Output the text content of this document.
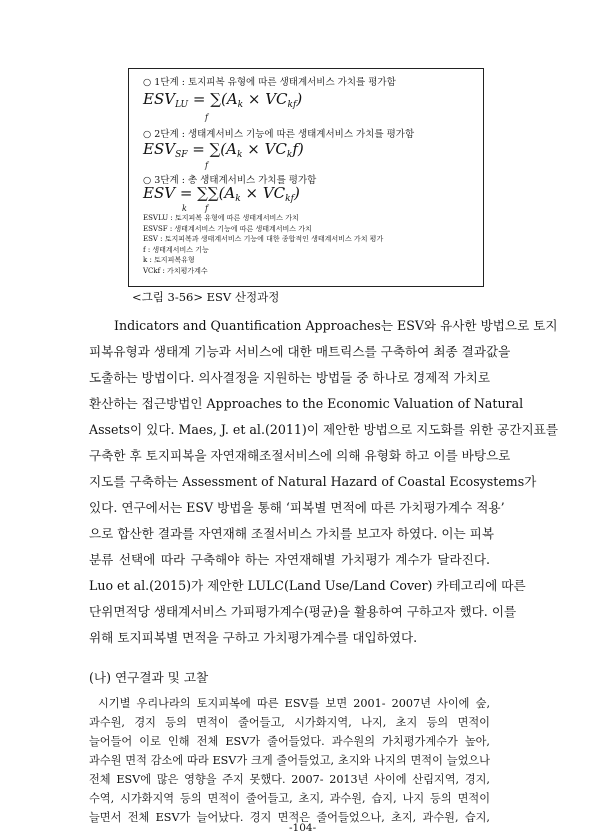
○ 1단계 : 토지피복 유형에 따른 생태계서비스 가치를 평가함
$ESV_{LU} = \sum(A_k \times VC_{kf})$
f
○ 2단계 : 생태계서비스 기능에 따른 생태계서비스 가치를 평가함
$ESV_{SF} = \sum(A_k \times VC_kf)$
f
○ 3단계 : 총 생태계서비스 가치를 평가함
ESV = $\sum\sum(A_k \times VC_{kf})$
k f
ESVLU : 토지피복 유형에 따른 생태계서비스 가치
ESVSF : 생태계서비스 기능에 따른 생태계서비스 가치
ESV : 토지피복과 생태계서비스 기능에 대한 종합적인 생태계서비스 가치 평가
f : 생태계서비스 기능
k : 토지피복유형
VCkf : 가치평가계수
<그림 3-56> ESV 산정과정
Indicators and Quantification Approaches는 ESV와 유사한 방법으로 토지
피복유형과 생태계 기능과 서비스에 대한 매트릭스를 구축하여 최종 결과값을
도출하는 방법이다. 의사결정을 지원하는 방법들 중 하나로 경제적 가치로
환산하는 접근방법인 Approaches to the Economic Valuation of Natural
Assets이 있다. Maes, J. et al.(2011)이 제안한 방법으로 지도화를 위한 공간지표를
구축한 후 토지피복을 자연재해조절서비스에 의해 유형화 하고 이를 바탕으로
지도를 구축하는 Assessment of Natural Hazard of Coastal Ecosystems가
있다. 연구에서는 ESV 방법을 통해 ‘피복별 면적에 따른 가치평가계수 적용’
으로 합산한 결과를 자연재해 조절서비스 가치를 보고자 하였다. 이는 피복
분류 선택에 따라 구축해야 하는 자연재해별 가치평가 계수가 달라진다.
Luo et al.(2015)가 제안한 LULC(Land Use/Land Cover) 카테고리에 따른
단위면적당 생태계서비스 가피평가계수(평균)을 활용하여 구하고자 했다. 이를
위해 토지피복별 면적을 구하고 가치평가계수를 대입하였다.
(나) 연구결과 및 고찰
시기별 우리나라의 토지피복에 따른 ESV를 보면 2001- 2007년 사이에 숲,
과수원, 경지 등의 면적이 줄어들고, 시가화지역, 나지, 초지 등의 면적이
늘어들어 이로 인해 전체 ESV가 줄어들었다. 과수원의 가치평가계수가 높아,
과수원 면적 감소에 따라 ESV가 크게 줄어들었고, 초지와 나지의 면적이 늘었으나
전체 ESV에 많은 영향을 주지 못했다. 2007- 2013년 사이에 산림지역, 경지,
수역, 시가화지역 등의 면적이 줄어들고, 초지, 과수원, 습지, 나지 등의 면적이
늘면서 전체 ESV가 늘어났다. 경지 면적은 줄어들었으나, 초지, 과수원, 습지,
-104-
